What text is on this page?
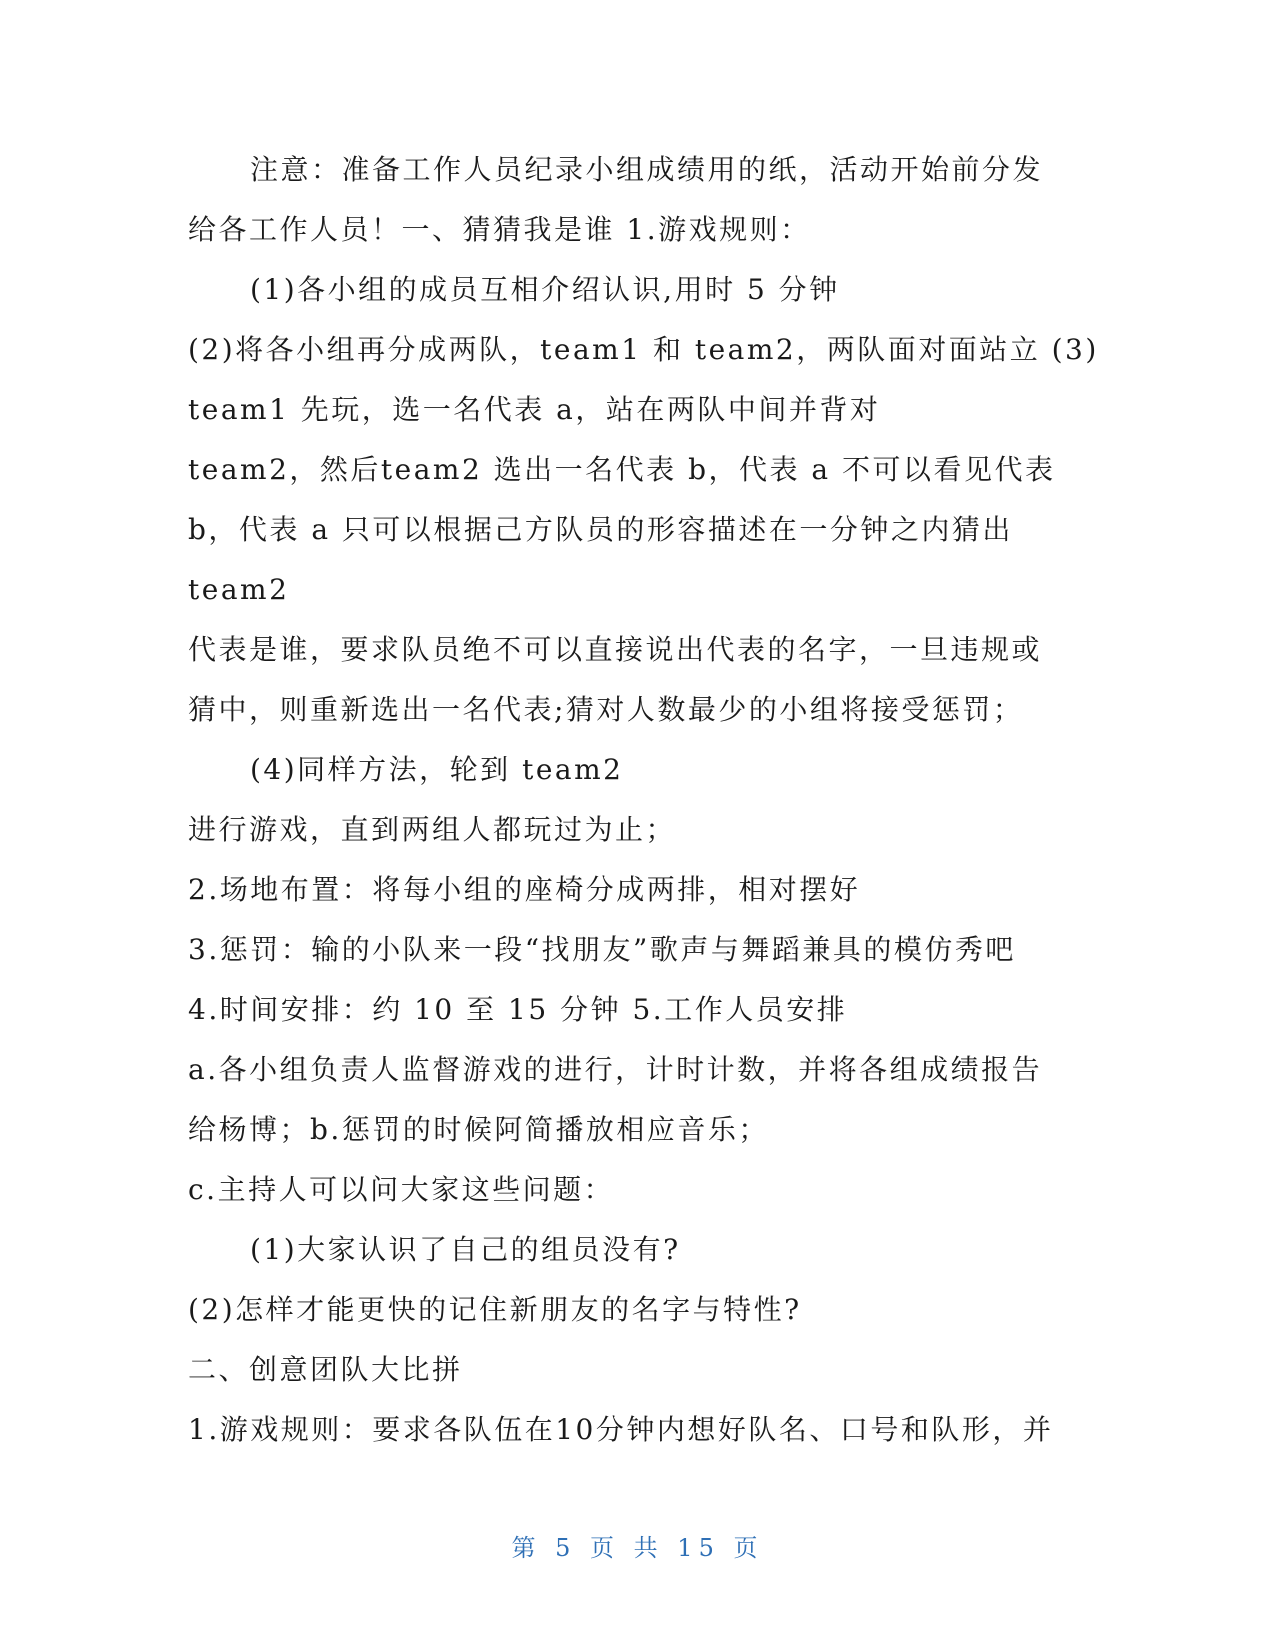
注意：准备工作人员纪录小组成绩用的纸，活动开始前分发
给各工作人员！一、猜猜我是谁 1.游戏规则：
(1)各小组的成员互相介绍认识,用时 5 分钟
(2)将各小组再分成两队，team1 和 team2，两队面对面站立 (3)
team1 先玩，选一名代表 a，站在两队中间并背对
team2，然后team2 选出一名代表 b，代表 a 不可以看见代表
b，代表 a 只可以根据己方队员的形容描述在一分钟之内猜出
team2
代表是谁，要求队员绝不可以直接说出代表的名字，一旦违规或
猜中，则重新选出一名代表;猜对人数最少的小组将接受惩罚；
(4)同样方法，轮到 team2
进行游戏，直到两组人都玩过为止；
2.场地布置：将每小组的座椅分成两排，相对摆好
3.惩罚：输的小队来一段“找朋友”歌声与舞蹈兼具的模仿秀吧
4.时间安排：约 10 至 15 分钟 5.工作人员安排
a.各小组负责人监督游戏的进行，计时计数，并将各组成绩报告
给杨博；b.惩罚的时候阿简播放相应音乐；
c.主持人可以问大家这些问题：
(1)大家认识了自己的组员没有?
(2)怎样才能更快的记住新朋友的名字与特性?
二、创意团队大比拼
1.游戏规则：要求各队伍在10分钟内想好队名、口号和队形，并
第 5 页 共 15 页
